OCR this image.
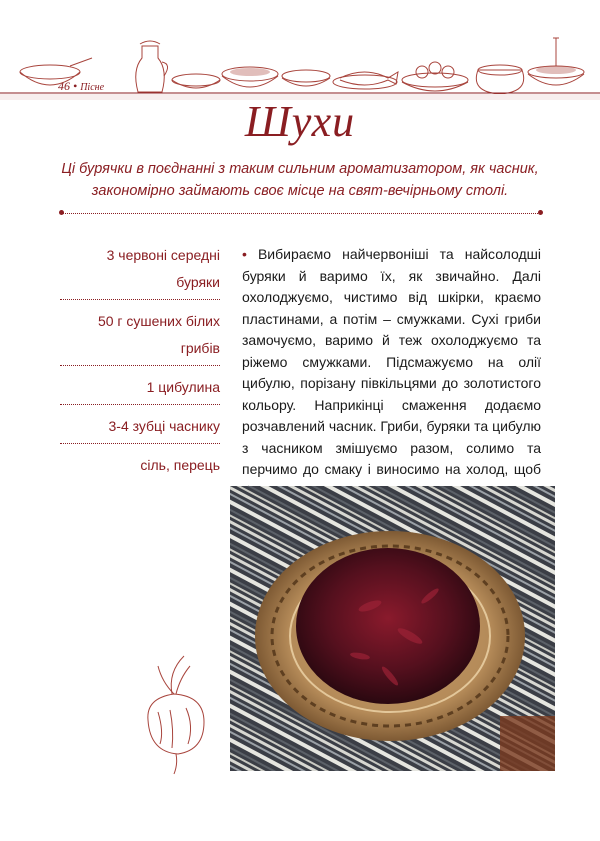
46 • Пісне
Шухи
Ці бурячки в поєднанні з таким сильним ароматизатором, як часник, закономірно займають своє місце на свят-вечірньому столі.
3 червоні середні буряки
50 г сушених білих грибів
1 цибулина
3-4 зубці часнику
сіль, перець
• Вибираємо найчервоніші та найсолодші буряки й варимо їх, як звичайно. Далі охолоджуємо, чистимо від шкірки, краємо пластинами, а потім – смужками. Сухі гриби замочуємо, варимо й теж охолоджуємо та ріжемо смужками. Підсмажуємо на олії цибулю, порізану півкільцями до золотистого кольору. Наприкінці смаження додаємо розчавлений часник. Гриби, буряки та цибулю з часником змішуємо разом, солимо та перчимо до смаку і виносимо на холод, щоб
